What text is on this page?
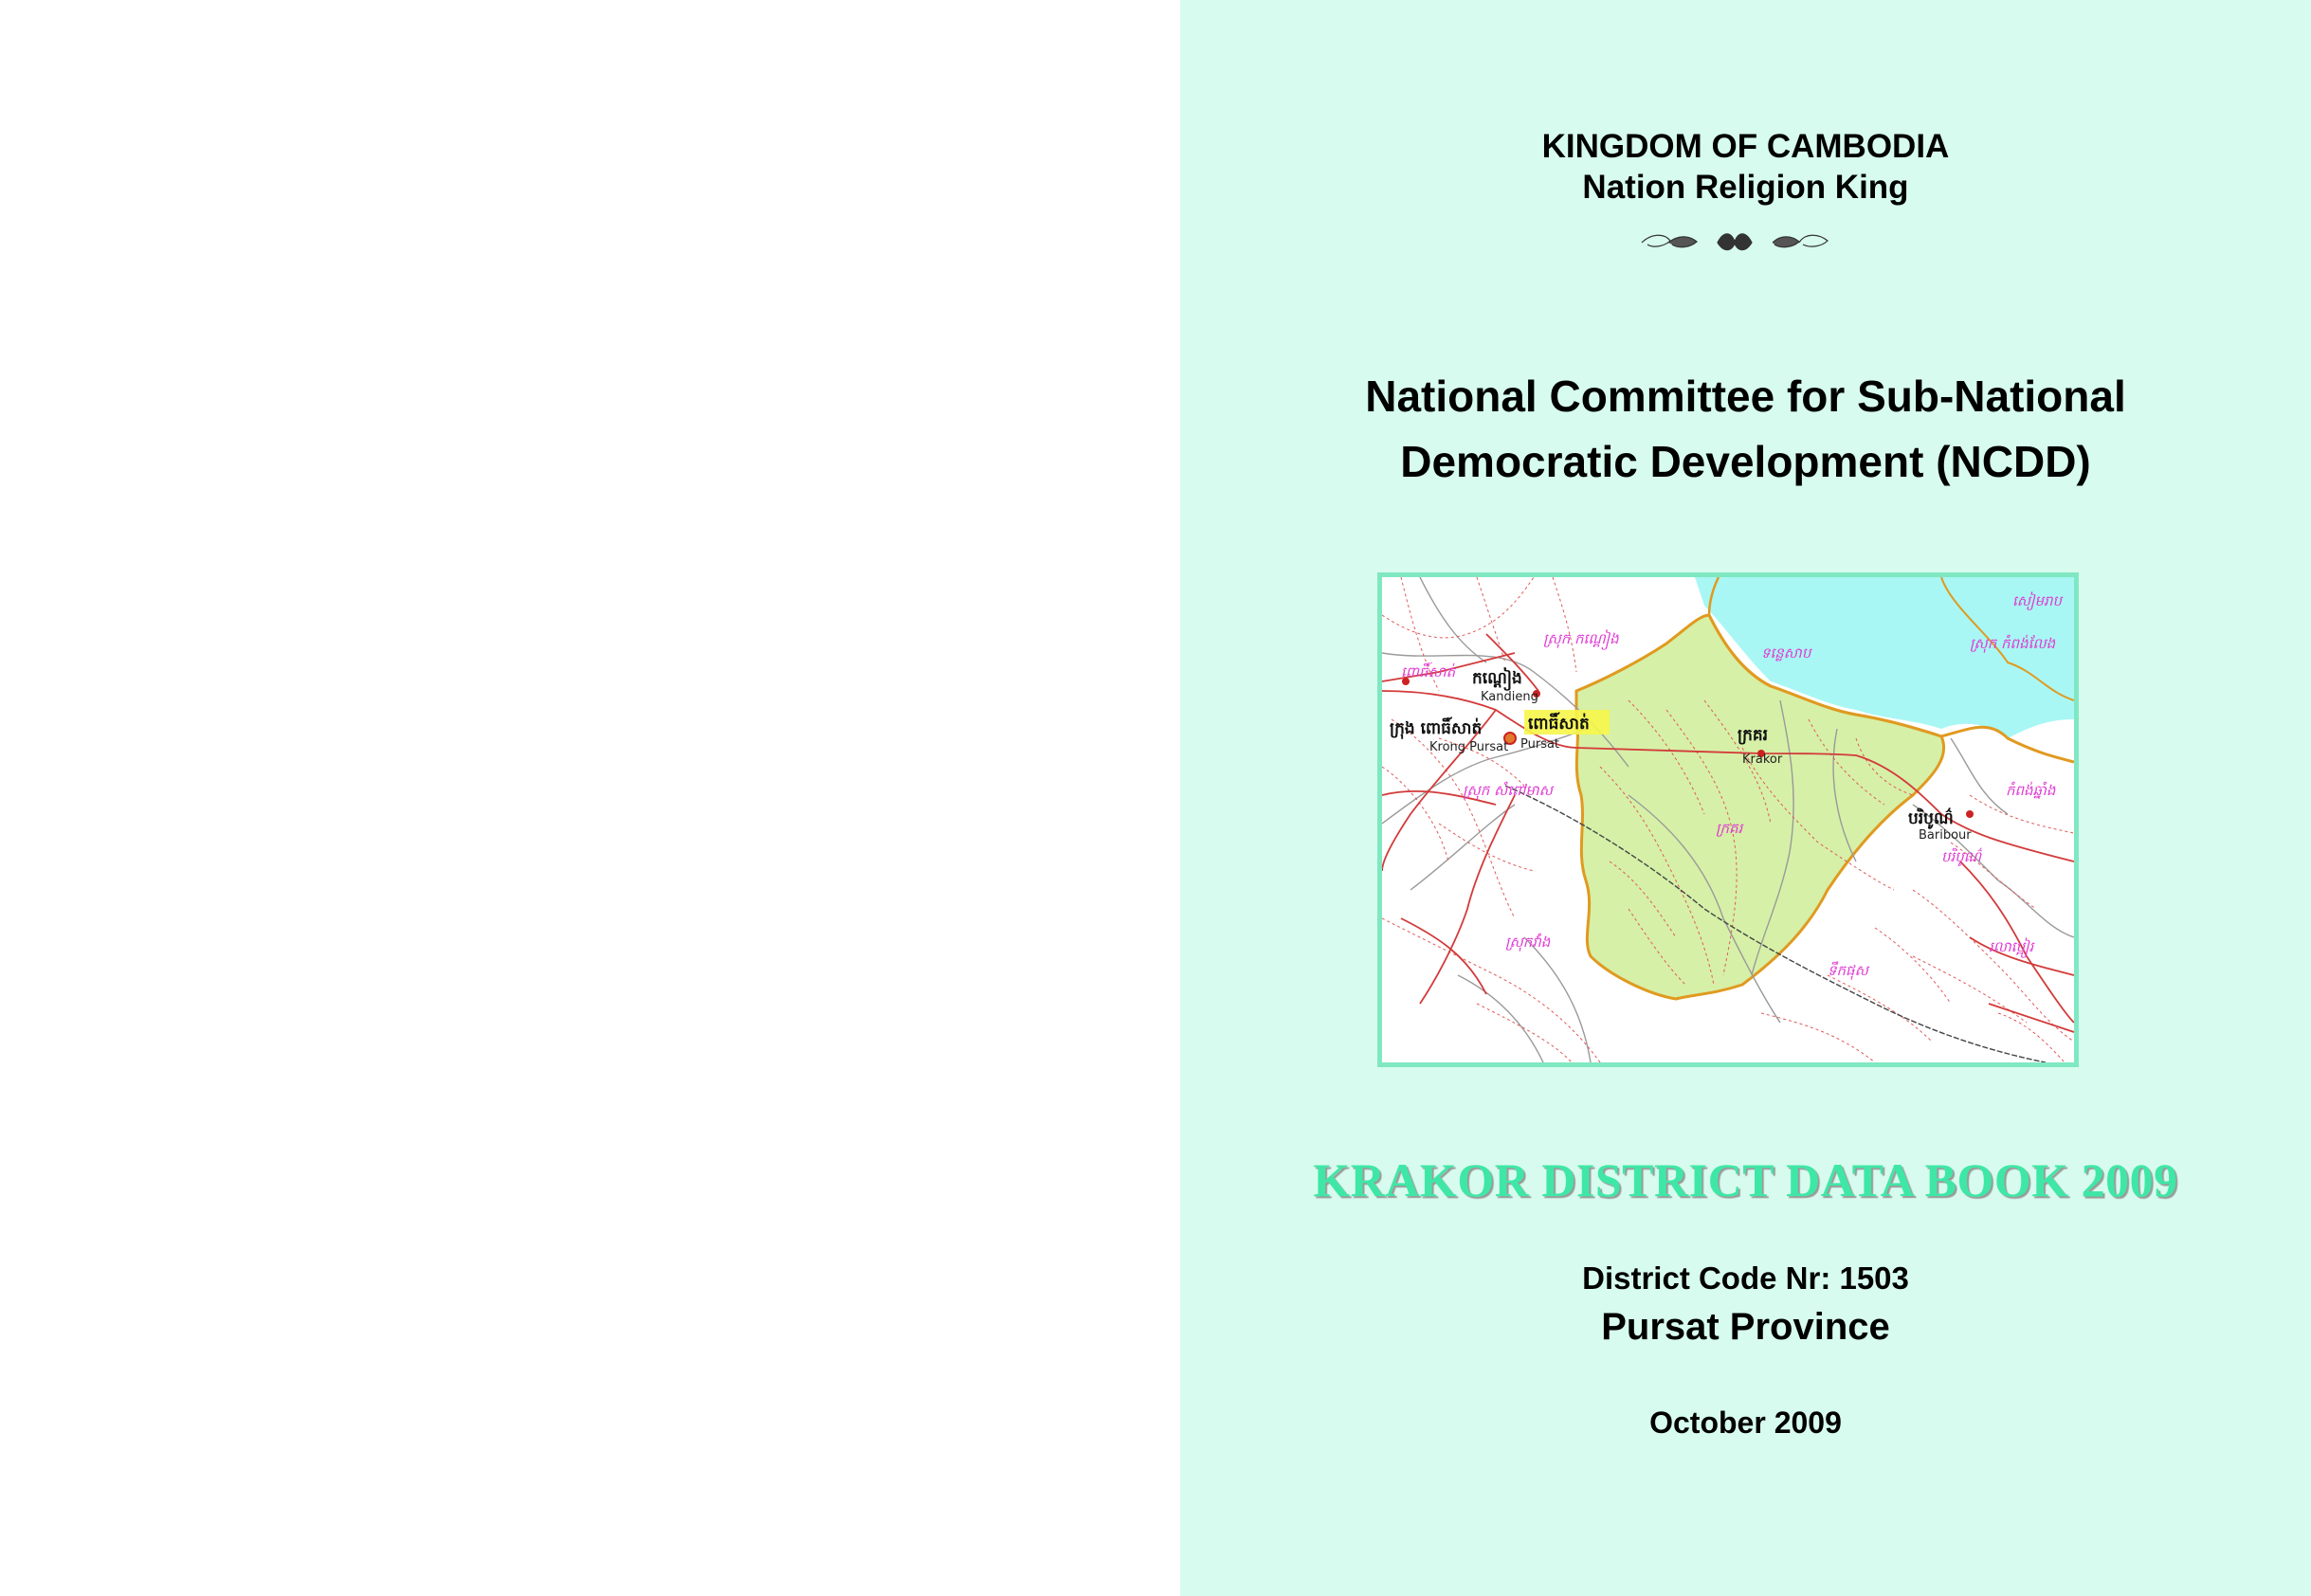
KINGDOM OF CAMBODIA
Nation Religion King
National Committee for Sub-National
Democratic Development (NCDD)
កណ្ដៀង
Kandieng
ក្រុង ពោធិ៍សាត់
Krong Pursat
ពោធិ៍សាត់
Pursat	ក្រគរ
Krakor
បរិបូណ៌
Baribour
ស្រុក កណ្ដៀង
ទន្លេសាប
ស្រុក កំពង់លែង
ស្រុក សំពៅមាស
ក្រគរ
ស្រុកវាំង
ទឹកផុស
បរិបូណ៌
ពោធិ៍សាត់
កំពង់ឆ្នាំង
រលាប្អៀរ
សៀមរាប
KRAKOR DISTRICT DATA BOOK 2009
District Code Nr: 1503
Pursat Province
October 2009
